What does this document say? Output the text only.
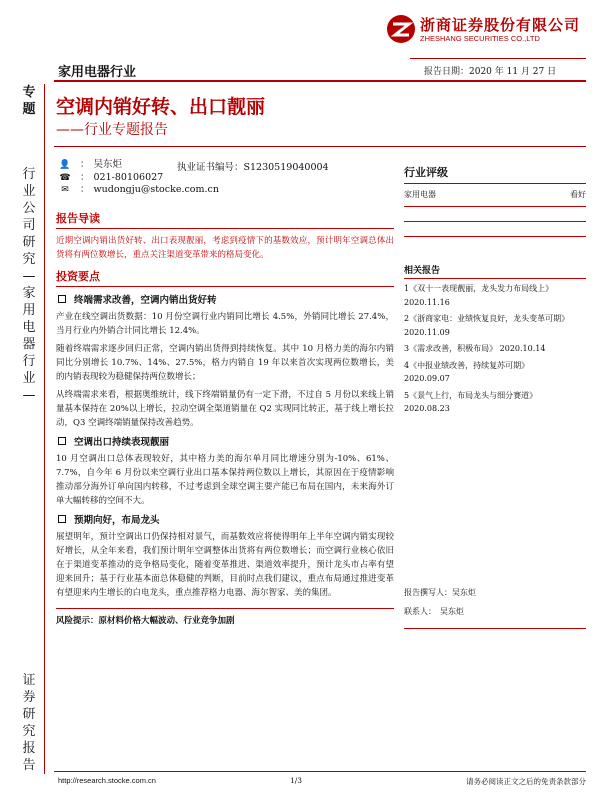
浙商证券股份有限公司
ZHESHANG SECURITIES CO.,LTD
家用电器行业	报告日期：2020 年 11 月 27 日
专
题
行
业
公
司
研
究
—
家
用
电
器
行
业
—
证
券
研
究
报
告
空调内销好转、出口靓丽
——行业专题报告
👤 ： 吴东炬
☎ ： 021-80106027
✉	： wudongju@stocke.com.cn
执业证书编号：S1230519040004
报告导读
近期空调内销出货好转、出口表现靓丽，考虑到疫情下的基数效应，预计明年空调总体出货将有两位数增长，重点关注渠道变革带来的格局变化。
投资要点
终端需求改善，空调内销出货好转

产业在线空调出货数据：10 月份空调行业内销同比增长 4.5%，外销同比增长 27.4%，当月行业内外销合计同比增长 12.4%。

随着终端需求逐步回归正常，空调内销出货得到持续恢复。其中 10 月格力美的海尔内销同比分别增长 10.7%、14%、27.5%，格力内销自 19 年以来首次实现两位数增长，美的内销表现较为稳健保持两位数增长；

从终端需求来看，根据奥维统计，线下终端销量仍有一定下滑，不过自 5 月份以来线上销量基本保持在 20%以上增长，拉动空调全渠道销量在 Q2 实现同比转正，基于线上增长拉动，Q3 空调终端销量保持改善趋势。

空调出口持续表现靓丽

10 月空调出口总体表现较好，其中格力美的海尔单月同比增速分别为-10%、61%、7.7%，自今年 6 月份以来空调行业出口基本保持两位数以上增长，其原因在于疫情影响推动部分海外订单向国内转移，不过考虑到全球空调主要产能已布局在国内，未来海外订单大幅转移的空间不大。

预期向好，布局龙头

展望明年，预计空调出口仍保持相对景气，而基数效应将使得明年上半年空调内销实现较好增长，从全年来看，我们预计明年空调整体出货将有两位数增长；而空调行业核心依旧在于渠道变革推动的竞争格局变化，随着变革推进、渠道效率提升，预计龙头市占率有望迎来回升；基于行业基本面总体稳健的判断，目前时点我们建议，重点布局通过推进变革有望迎来内生增长的白电龙头，重点推荐格力电器、海尔智家、美的集团。

风险提示：原材料价格大幅波动、行业竞争加剧
行业评级
家用电器	看好
相关报告
1《双十一表现靓丽，龙头发力布局线上》
2020.11.16
2《浙商家电：业绩恢复良好，龙头变革可期》
2020.11.09
3《需求改善，积极布局》 2020.10.14
4《中报业绩改善，持续复苏可期》
2020.09.07
5《景气上行，布局龙头与细分赛道》
2020.08.23
报告撰写人：吴东炬
联系人：　吴东炬
http://research.stocke.com.cn	1/3	请务必阅读正文之后的免责条款部分
